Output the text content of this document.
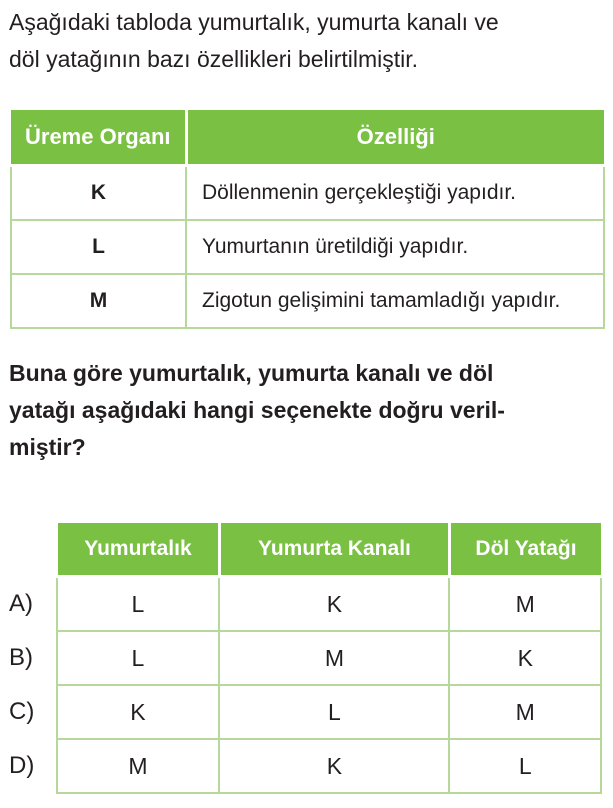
Aşağıdaki tabloda yumurtalık, yumurta kanalı ve
döl yatağının bazı özellikleri belirtilmiştir.

Üreme Organı	Özelliği
K	Döllenmenin gerçekleştiği yapıdır.
L	Yumurtanın üretildiği yapıdır.
M	Zigotun gelişimini tamamladığı yapıdır.

Buna göre yumurtalık, yumurta kanalı ve döl
yatağı aşağıdaki hangi seçenekte doğru veril-
miştir?

	Yumurtalık	Yumurta Kanalı	Döl Yatağı
A)	L	K	M
B)	L	M	K
C)	K	L	M
D)	M	K	L
